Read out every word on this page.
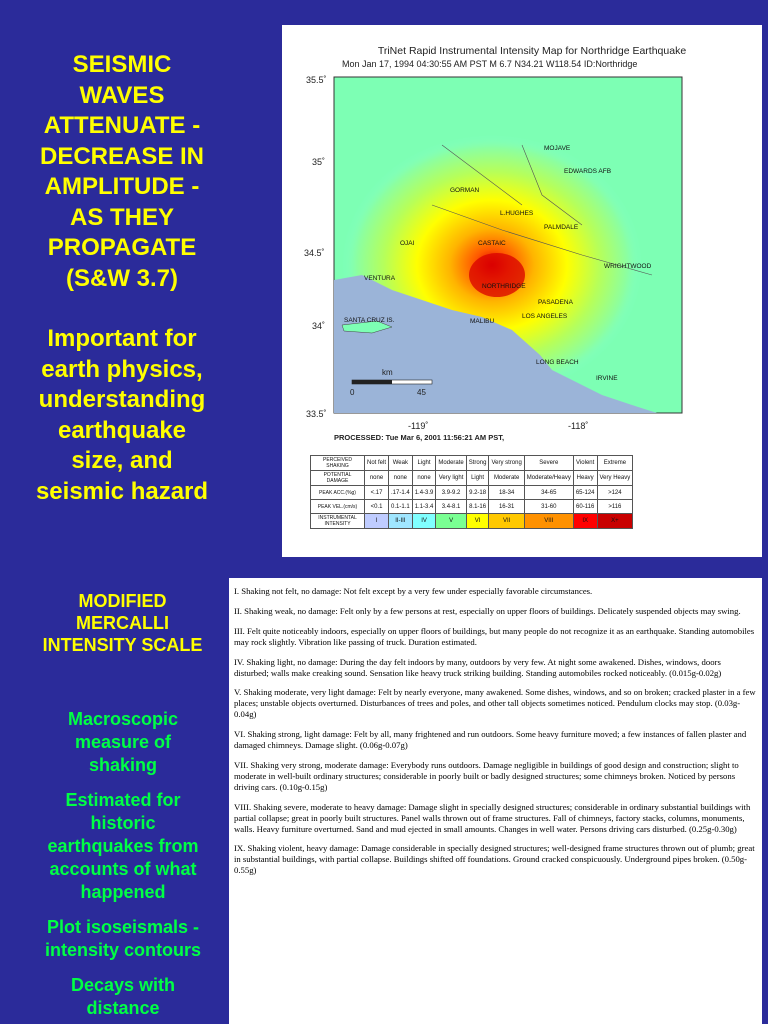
SEISMIC
WAVES
ATTENUATE -
DECREASE IN
AMPLITUDE -
AS THEY
PROPAGATE
(S&W 3.7)

Important for
earth physics,
understanding
earthquake
size, and
seismic hazard

MODIFIED
MERCALLI
INTENSITY SCALE
Macroscopic
measure of
shaking
Estimated for
historic
earthquakes from
accounts of what
happened
Plot isoseismals -
intensity contours
Decays with
distance
35.5˚
35˚
34.5˚
34˚
33.5˚
-119˚	-118˚
MOJAVE
EDWARDS AFB
GORMAN
L.HUGHES
PALMDALE
CASTAIC
OJAI
WRIGHTWOOD
VENTURA
NORTHRIDGE
PASADENA
SANTA CRUZ IS.	MALIBU
LOS ANGELES
LONG BEACH
IRVINE
km
0	45
TriNet Rapid Instrumental Intensity Map for Northridge Earthquake
Mon Jan 17, 1994 04:30:55 AM PST M 6.7 N34.21 W118.54 ID:Northridge
PROCESSED: Tue Mar 6, 2001 11:56:21 AM PST,
PERCEIVED SHAKING	Not felt	Weak	Light	Moderate	Strong	Very strong	Severe	Violent	Extreme
POTENTIAL DAMAGE	none	none	none	Very light	Light	Moderate	Moderate/Heavy	Heavy	Very Heavy
PEAK ACC.(%g)	<.17	.17-1.4	1.4-3.9	3.9-9.2	9.2-18	18-34	34-65	65-124	>124
PEAK VEL.(cm/s)	<0.1	0.1-1.1	1.1-3.4	3.4-8.1	8.1-16	16-31	31-60	60-116	>116
INSTRUMENTAL INTENSITY	I	II-III	IV	V	VI	VII	VIII	IX	X+

I. Shaking not felt, no damage: Not felt except by a very few under especially favorable circumstances.

II. Shaking weak, no damage: Felt only by a few persons at rest, especially on upper floors of buildings. Delicately suspended objects may swing.

III. Felt quite noticeably indoors, especially on upper floors of buildings, but many people do not recognize it as an earthquake. Standing automobiles may rock slightly. Vibration like passing of truck. Duration estimated.

IV. Shaking light, no damage: During the day felt indoors by many, outdoors by very few. At night some awakened. Dishes, windows, doors disturbed; walls make creaking sound. Sensation like heavy truck striking building. Standing automobiles rocked noticeably. (0.015g-0.02g)

V. Shaking moderate, very light damage: Felt by nearly everyone, many awakened. Some dishes, windows, and so on broken; cracked plaster in a few places; unstable objects overturned. Disturbances of trees and poles, and other tall objects sometimes noticed. Pendulum clocks may stop. (0.03g-0.04g)

VI. Shaking strong, light damage: Felt by all, many frightened and run outdoors. Some heavy furniture moved; a few instances of fallen plaster and damaged chimneys. Damage slight. (0.06g-0.07g)

VII. Shaking very strong, moderate damage: Everybody runs outdoors. Damage negligible in buildings of good design and construction; slight to moderate in well-built ordinary structures; considerable in poorly built or badly designed structures; some chimneys broken. Noticed by persons driving cars. (0.10g-0.15g)

VIII. Shaking severe, moderate to heavy damage: Damage slight in specially designed structures; considerable in ordinary substantial buildings with partial collapse; great in poorly built structures. Panel walls thrown out of frame structures. Fall of chimneys, factory stacks, columns, monuments, walls. Heavy furniture overturned. Sand and mud ejected in small amounts. Changes in well water. Persons driving cars disturbed. (0.25g-0.30g)

IX. Shaking violent, heavy damage: Damage considerable in specially designed structures; well-designed frame structures thrown out of plumb; great in substantial buildings, with partial collapse. Buildings shifted off foundations. Ground cracked conspicuously. Underground pipes broken. (0.50g-0.55g)
